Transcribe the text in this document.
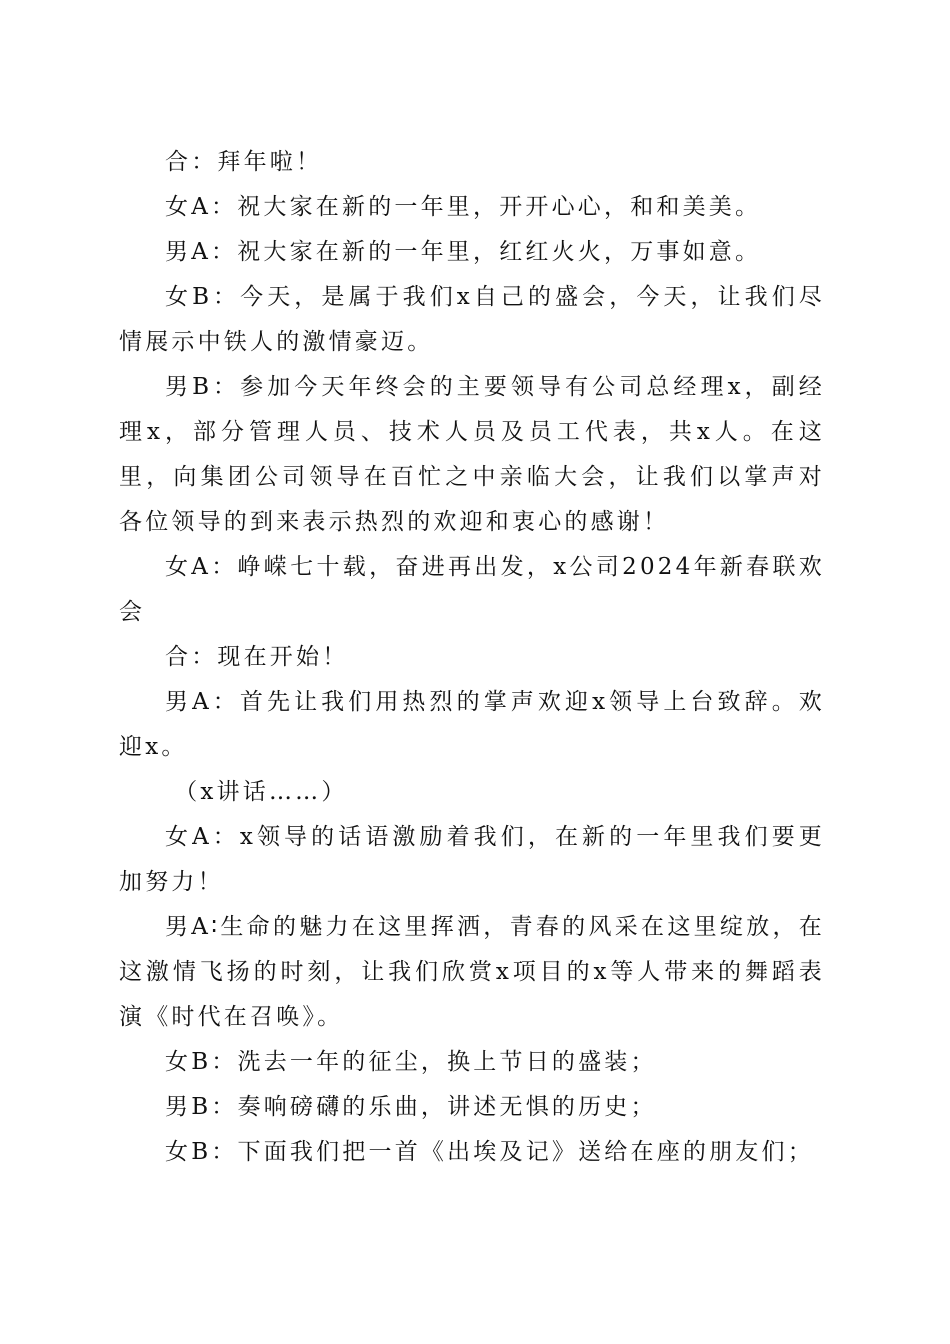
合：拜年啦！

女A：祝大家在新的一年里，开开心心，和和美美。

男A：祝大家在新的一年里，红红火火，万事如意。

女B：今天，是属于我们x自己的盛会，今天，让我们尽情展示中铁人的激情豪迈。

男B：参加今天年终会的主要领导有公司总经理x，副经理x，部分管理人员、技术人员及员工代表，共x人。在这里，向集团公司领导在百忙之中亲临大会，让我们以掌声对各位领导的到来表示热烈的欢迎和衷心的感谢！

女A：峥嵘七十载，奋进再出发，x公司2024年新春联欢会

合：现在开始！

男A：首先让我们用热烈的掌声欢迎x领导上台致辞。欢迎x。

（x讲话……）

女A：x领导的话语激励着我们，在新的一年里我们要更加努力！

男A∶生命的魅力在这里挥洒，青春的风采在这里绽放，在这激情飞扬的时刻，让我们欣赏x项目的x等人带来的舞蹈表演《时代在召唤》。

女B：洗去一年的征尘，换上节日的盛装；

男B：奏响磅礴的乐曲，讲述无惧的历史；

女B：下面我们把一首《出埃及记》送给在座的朋友们；
